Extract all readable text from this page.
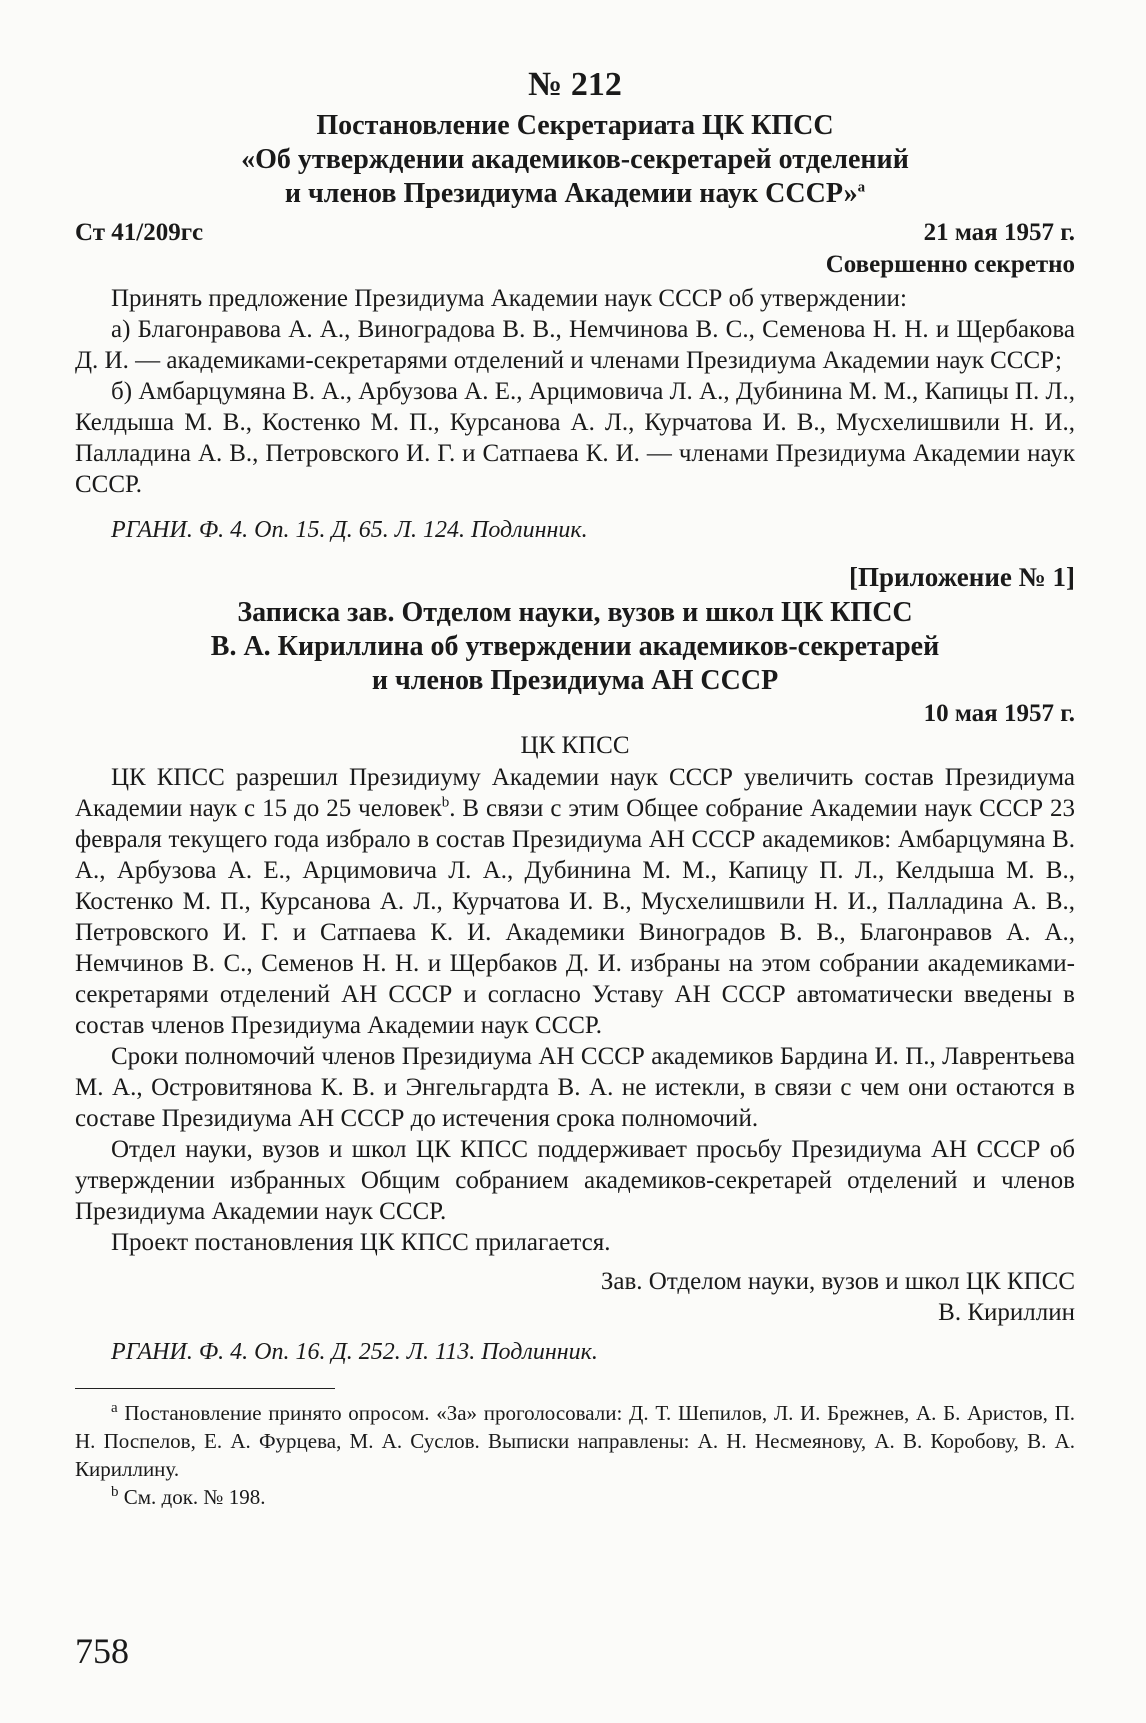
№ 212
Постановление Секретариата ЦК КПСС
«Об утверждении академиков-секретарей отделений
и членов Президиума Академии наук СССР»$^а$
Ст 41/209гс	21 мая 1957 г.
Совершенно секретно

Принять предложение Президиума Академии наук СССР об утверждении:

а) Благонравова А. А., Виноградова В. В., Немчинова В. С., Семенова Н. Н. и Щербакова Д. И. — академиками-секретарями отделений и членами Президиума Академии наук СССР;

б) Амбарцумяна В. А., Арбузова А. Е., Арцимовича Л. А., Дубинина М. М., Капицы П. Л., Келдыша М. В., Костенко М. П., Курсанова А. Л., Курчатова И. В., Мусхелишвили Н. И., Палладина А. В., Петровского И. Г. и Сатпаева К. И. — членами Президиума Академии наук СССР.

РГАНИ. Ф. 4. Оп. 15. Д. 65. Л. 124. Подлинник.
[Приложение № 1]
Записка зав. Отделом науки, вузов и школ ЦК КПСС
В. А. Кириллина об утверждении академиков-секретарей
и членов Президиума АН СССР
10 мая 1957 г.
ЦК КПСС

ЦК КПСС разрешил Президиуму Академии наук СССР увеличить состав Президиума Академии наук с 15 до 25 человек$^b$. В связи с этим Общее собрание Академии наук СССР 23 февраля текущего года избрало в состав Президиума АН СССР академиков: Амбарцумяна В. А., Арбузова А. Е., Арцимовича Л. А., Дубинина М. М., Капицу П. Л., Келдыша М. В., Костенко М. П., Курсанова А. Л., Курчатова И. В., Мусхелишвили Н. И., Палладина А. В., Петровского И. Г. и Сатпаева К. И. Академики Виноградов В. В., Благонравов А. А., Немчинов В. С., Семенов Н. Н. и Щербаков Д. И. избраны на этом собрании академиками-секретарями отделений АН СССР и согласно Уставу АН СССР автоматически введены в состав членов Президиума Академии наук СССР.

Сроки полномочий членов Президиума АН СССР академиков Бардина И. П., Лаврентьева М. А., Островитянова К. В. и Энгельгардта В. А. не истекли, в связи с чем они остаются в составе Президиума АН СССР до истечения срока полномочий.

Отдел науки, вузов и школ ЦК КПСС поддерживает просьбу Президиума АН СССР об утверждении избранных Общим собранием академиков-секретарей отделений и членов Президиума Академии наук СССР.

Проект постановления ЦК КПСС прилагается.

Зав. Отделом науки, вузов и школ ЦК КПСС
В. Кириллин
РГАНИ. Ф. 4. Оп. 16. Д. 252. Л. 113. Подлинник.

$^а$ Постановление принято опросом. «За» проголосовали: Д. Т. Шепилов, Л. И. Брежнев, А. Б. Аристов, П. Н. Поспелов, Е. А. Фурцева, М. А. Суслов. Выписки направлены: А. Н. Несмеянову, А. В. Коробову, В. А. Кириллину.

$^b$ См. док. № 198.

758
